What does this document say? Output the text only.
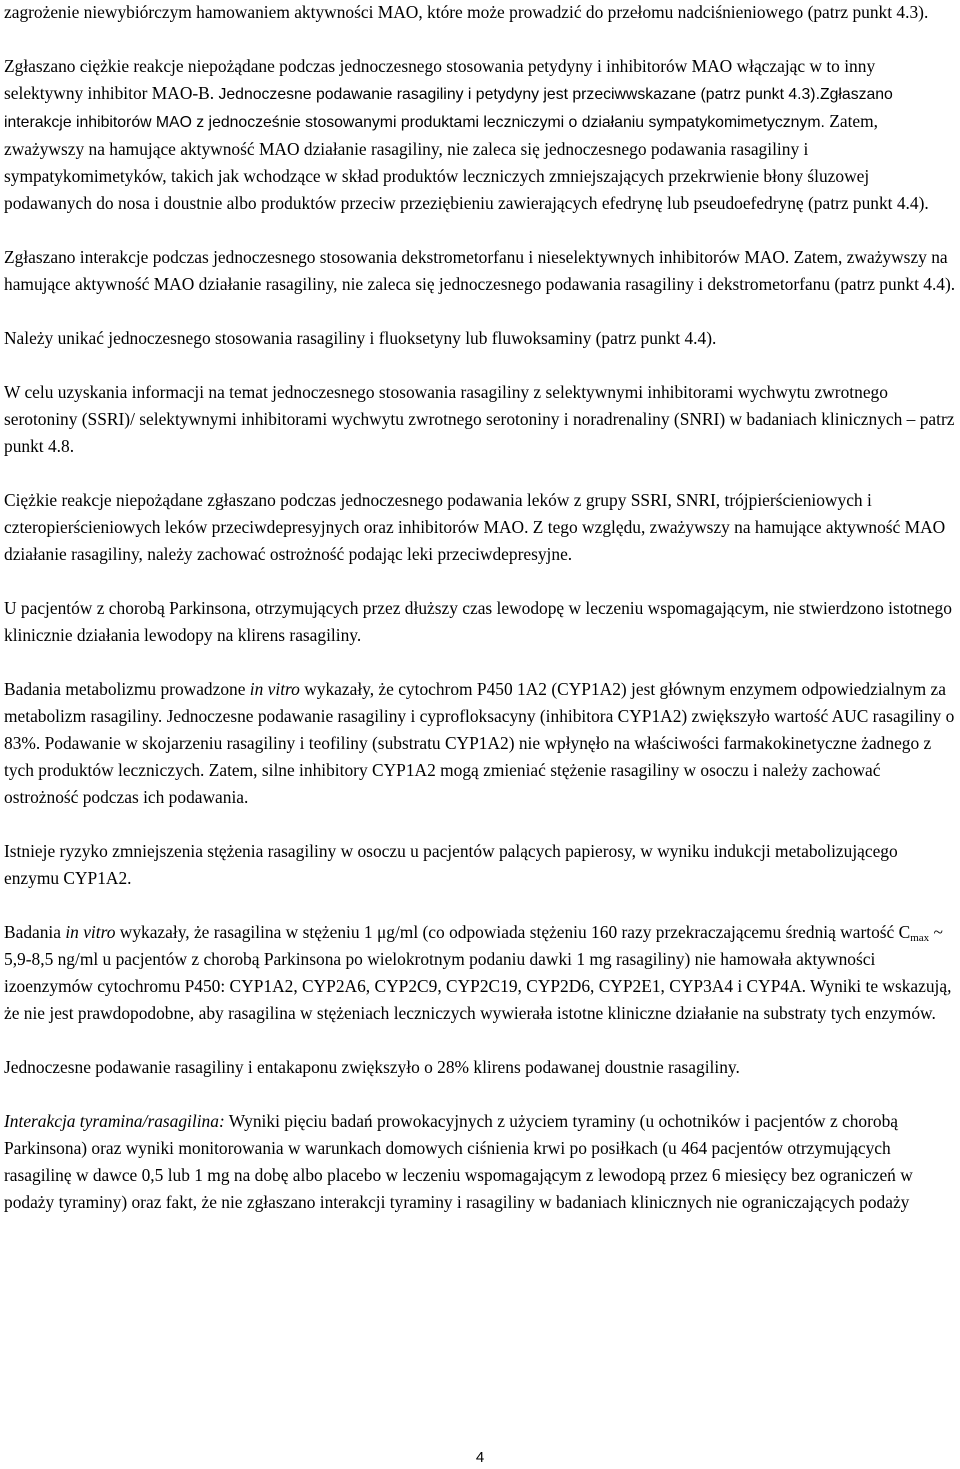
zagrożenie niewybiórczym hamowaniem aktywności MAO, które może prowadzić do przełomu nadciśnieniowego (patrz punkt 4.3).

Zgłaszano ciężkie reakcje niepożądane podczas jednoczesnego stosowania petydyny i inhibitorów MAO włączając w to inny selektywny inhibitor MAO-B. Jednoczesne podawanie rasagiliny i petydyny jest przeciwwskazane (patrz punkt 4.3).Zgłaszano interakcje inhibitorów MAO z jednocześnie stosowanymi produktami leczniczymi o działaniu sympatykomimetycznym. Zatem, zważywszy na hamujące aktywność MAO działanie rasagiliny, nie zaleca się jednoczesnego podawania rasagiliny i sympatykomimetyków, takich jak wchodzące w skład produktów leczniczych zmniejszających przekrwienie błony śluzowej podawanych do nosa i doustnie albo produktów przeciw przeziębieniu zawierających efedrynę lub pseudoefedrynę (patrz punkt 4.4).

Zgłaszano interakcje podczas jednoczesnego stosowania dekstrometorfanu i nieselektywnych inhibitorów MAO. Zatem, zważywszy na hamujące aktywność MAO działanie rasagiliny, nie zaleca się jednoczesnego podawania rasagiliny i dekstrometorfanu (patrz punkt 4.4).

Należy unikać jednoczesnego stosowania rasagiliny i fluoksetyny lub fluwoksaminy (patrz punkt 4.4).

W celu uzyskania informacji na temat jednoczesnego stosowania rasagiliny z selektywnymi inhibitorami wychwytu zwrotnego serotoniny (SSRI)/ selektywnymi inhibitorami wychwytu zwrotnego serotoniny i noradrenaliny (SNRI) w badaniach klinicznych – patrz punkt 4.8.

Ciężkie reakcje niepożądane zgłaszano podczas jednoczesnego podawania leków z grupy SSRI, SNRI, trójpierścieniowych i czteropierścieniowych leków przeciwdepresyjnych oraz inhibitorów MAO. Z tego względu, zważywszy na hamujące aktywność MAO działanie rasagiliny, należy zachować ostrożność podając leki przeciwdepresyjne.

U pacjentów z chorobą Parkinsona, otrzymujących przez dłuższy czas lewodopę w leczeniu wspomagającym, nie stwierdzono istotnego klinicznie działania lewodopy na klirens rasagiliny.

Badania metabolizmu prowadzone in vitro wykazały, że cytochrom P450 1A2 (CYP1A2) jest głównym enzymem odpowiedzialnym za metabolizm rasagiliny. Jednoczesne podawanie rasagiliny i cyprofloksacyny (inhibitora CYP1A2) zwiększyło wartość AUC rasagiliny o 83%. Podawanie w skojarzeniu rasagiliny i teofiliny (substratu CYP1A2) nie wpłynęło na właściwości farmakokinetyczne żadnego z tych produktów leczniczych. Zatem, silne inhibitory CYP1A2 mogą zmieniać stężenie rasagiliny w osoczu i należy zachować ostrożność podczas ich podawania.

Istnieje ryzyko zmniejszenia stężenia rasagiliny w osoczu u pacjentów palących papierosy, w wyniku indukcji metabolizującego enzymu CYP1A2.

Badania in vitro wykazały, że rasagilina w stężeniu 1 μg/ml (co odpowiada stężeniu 160 razy przekraczającemu średnią wartość $C_{max}$ ~ 5,9-8,5 ng/ml u pacjentów z chorobą Parkinsona po wielokrotnym podaniu dawki 1 mg rasagiliny) nie hamowała aktywności izoenzymów cytochromu P450: CYP1A2, CYP2A6, CYP2C9, CYP2C19, CYP2D6, CYP2E1, CYP3A4 i CYP4A. Wyniki te wskazują, że nie jest prawdopodobne, aby rasagilina w stężeniach leczniczych wywierała istotne kliniczne działanie na substraty tych enzymów.

Jednoczesne podawanie rasagiliny i entakaponu zwiększyło o 28% klirens podawanej doustnie rasagiliny.

Interakcja tyramina/rasagilina: Wyniki pięciu badań prowokacyjnych z użyciem tyraminy (u ochotników i pacjentów z chorobą Parkinsona) oraz wyniki monitorowania w warunkach domowych ciśnienia krwi po posiłkach (u 464 pacjentów otrzymujących rasagilinę w dawce 0,5 lub 1 mg na dobę albo placebo w leczeniu wspomagającym z lewodopą przez 6 miesięcy bez ograniczeń w podaży tyraminy) oraz fakt, że nie zgłaszano interakcji tyraminy i rasagiliny w badaniach klinicznych nie ograniczających podaży

4
